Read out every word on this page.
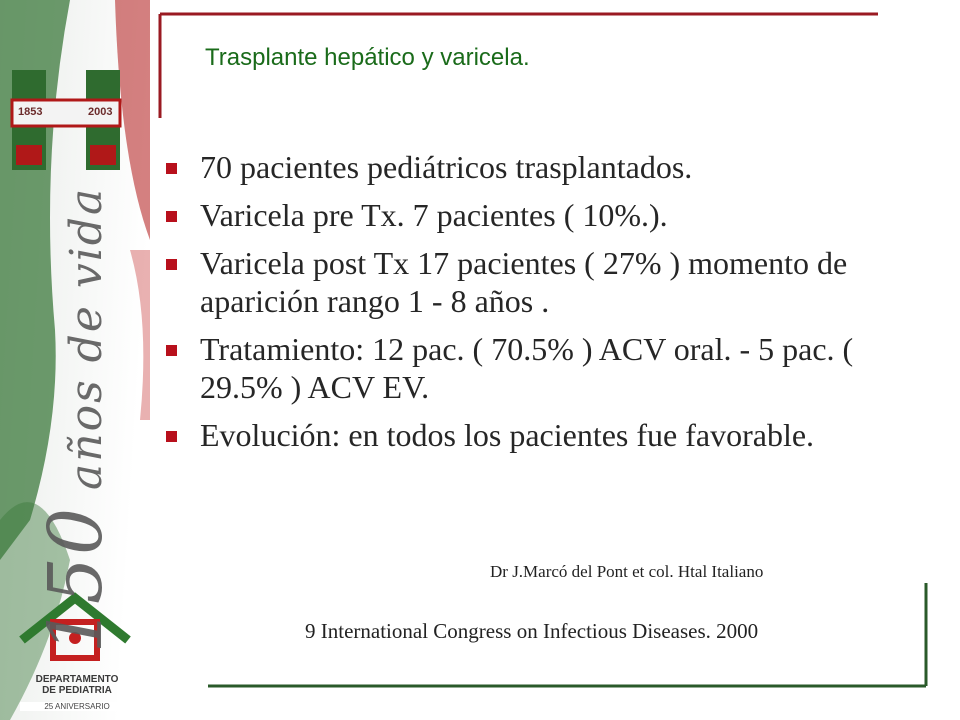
1853	2003
150 años de vida
DEPARTAMENTO
DE PEDIATRIA
25 ANIVERSARIO
Trasplante hepático y varicela.
70 pacientes pediátricos trasplantados.
Varicela pre Tx. 7 pacientes ( 10%.).
Varicela post Tx 17 pacientes ( 27% ) momento de aparición rango 1 - 8 años .
Tratamiento: 12 pac. ( 70.5% ) ACV oral. - 5 pac. ( 29.5% ) ACV EV.
Evolución: en todos los pacientes fue favorable.
Dr J.Marcó del Pont et col. Htal Italiano
9 International Congress on Infectious Diseases. 2000
